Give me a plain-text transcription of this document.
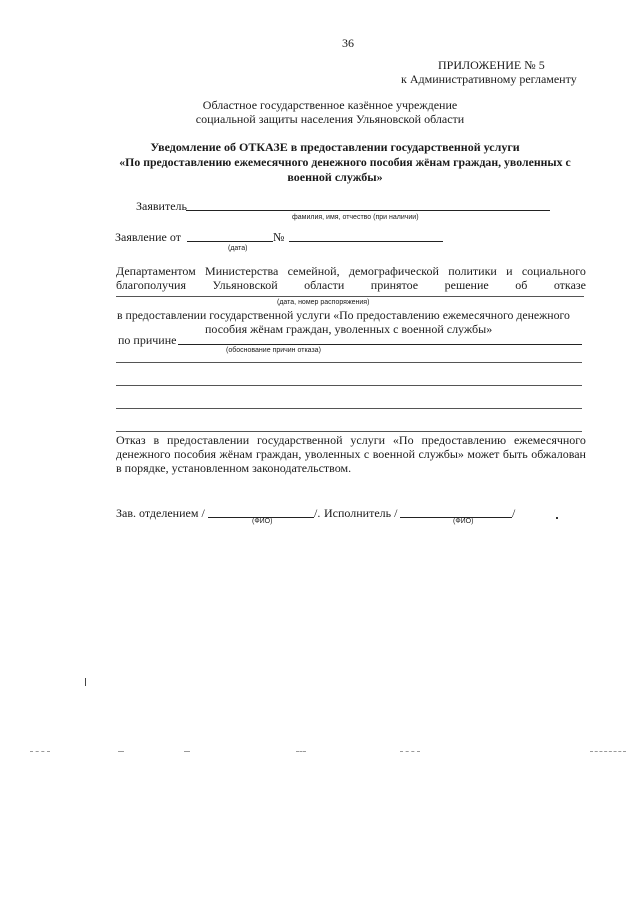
36
ПРИЛОЖЕНИЕ № 5
к Административному регламенту
Областное государственное казённое учреждение
социальной защиты населения Ульяновской области
Уведомление об ОТКАЗЕ в предоставлении государственной услуги
«По предоставлению ежемесячного денежного пособия жёнам граждан, уволенных с
военной службы»
Заявитель
фамилия, имя, отчество (при наличии)
Заявление от	№
(дата)
Департаментом Министерства семейной, демографической политики и социального
благополучия Ульяновской области принятое решение об отказе
(дата, номер распоряжения)
в предоставлении государственной услуги «По предоставлению ежемесячного денежного
пособия жёнам граждан, уволенных с военной службы»
по причине
(обоснование причин отказа)
Отказ в предоставлении государственной услуги «По предоставлению ежемесячного
денежного пособия жёнам граждан, уволенных с военной службы» может быть обжалован
в порядке, установленном законодательством.
Зав. отделением /	/.
(ФИО)
Исполнитель /	/
(ФИО)
